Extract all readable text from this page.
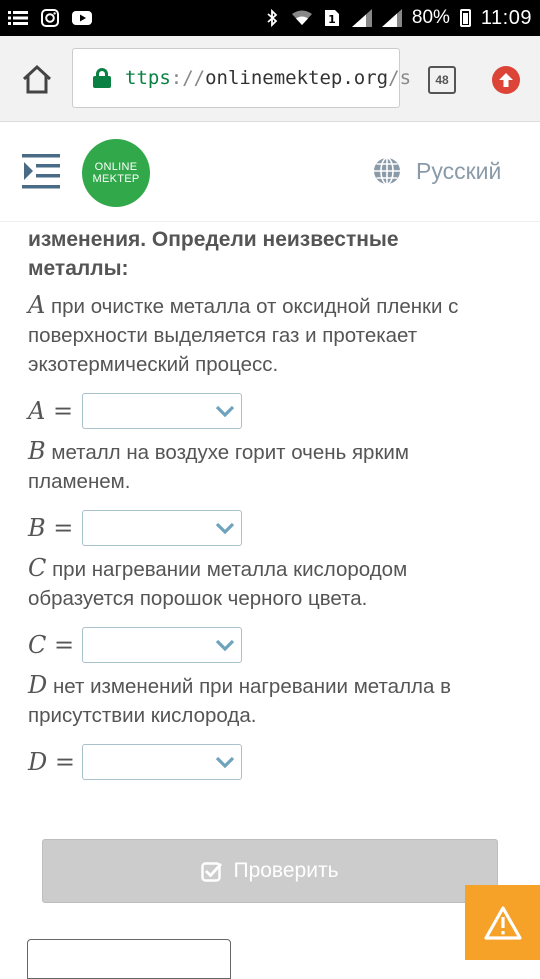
1	80% 11:09
ttps://onlinemektep.org/s 48
ONLINE
MEKTEP	Русский
изменения. Определи неизвестные
металлы:
A при очистке металла от оксидной пленки с поверхности выделяется газ и протекает экзотермический процесс.
A =
B металл на воздухе горит очень ярким пламенем.
B =
C при нагревании металла кислородом образуется порошок черного цвета.
C =
D нет изменений при нагревании металла в присутствии кислорода.
D =
Проверить
